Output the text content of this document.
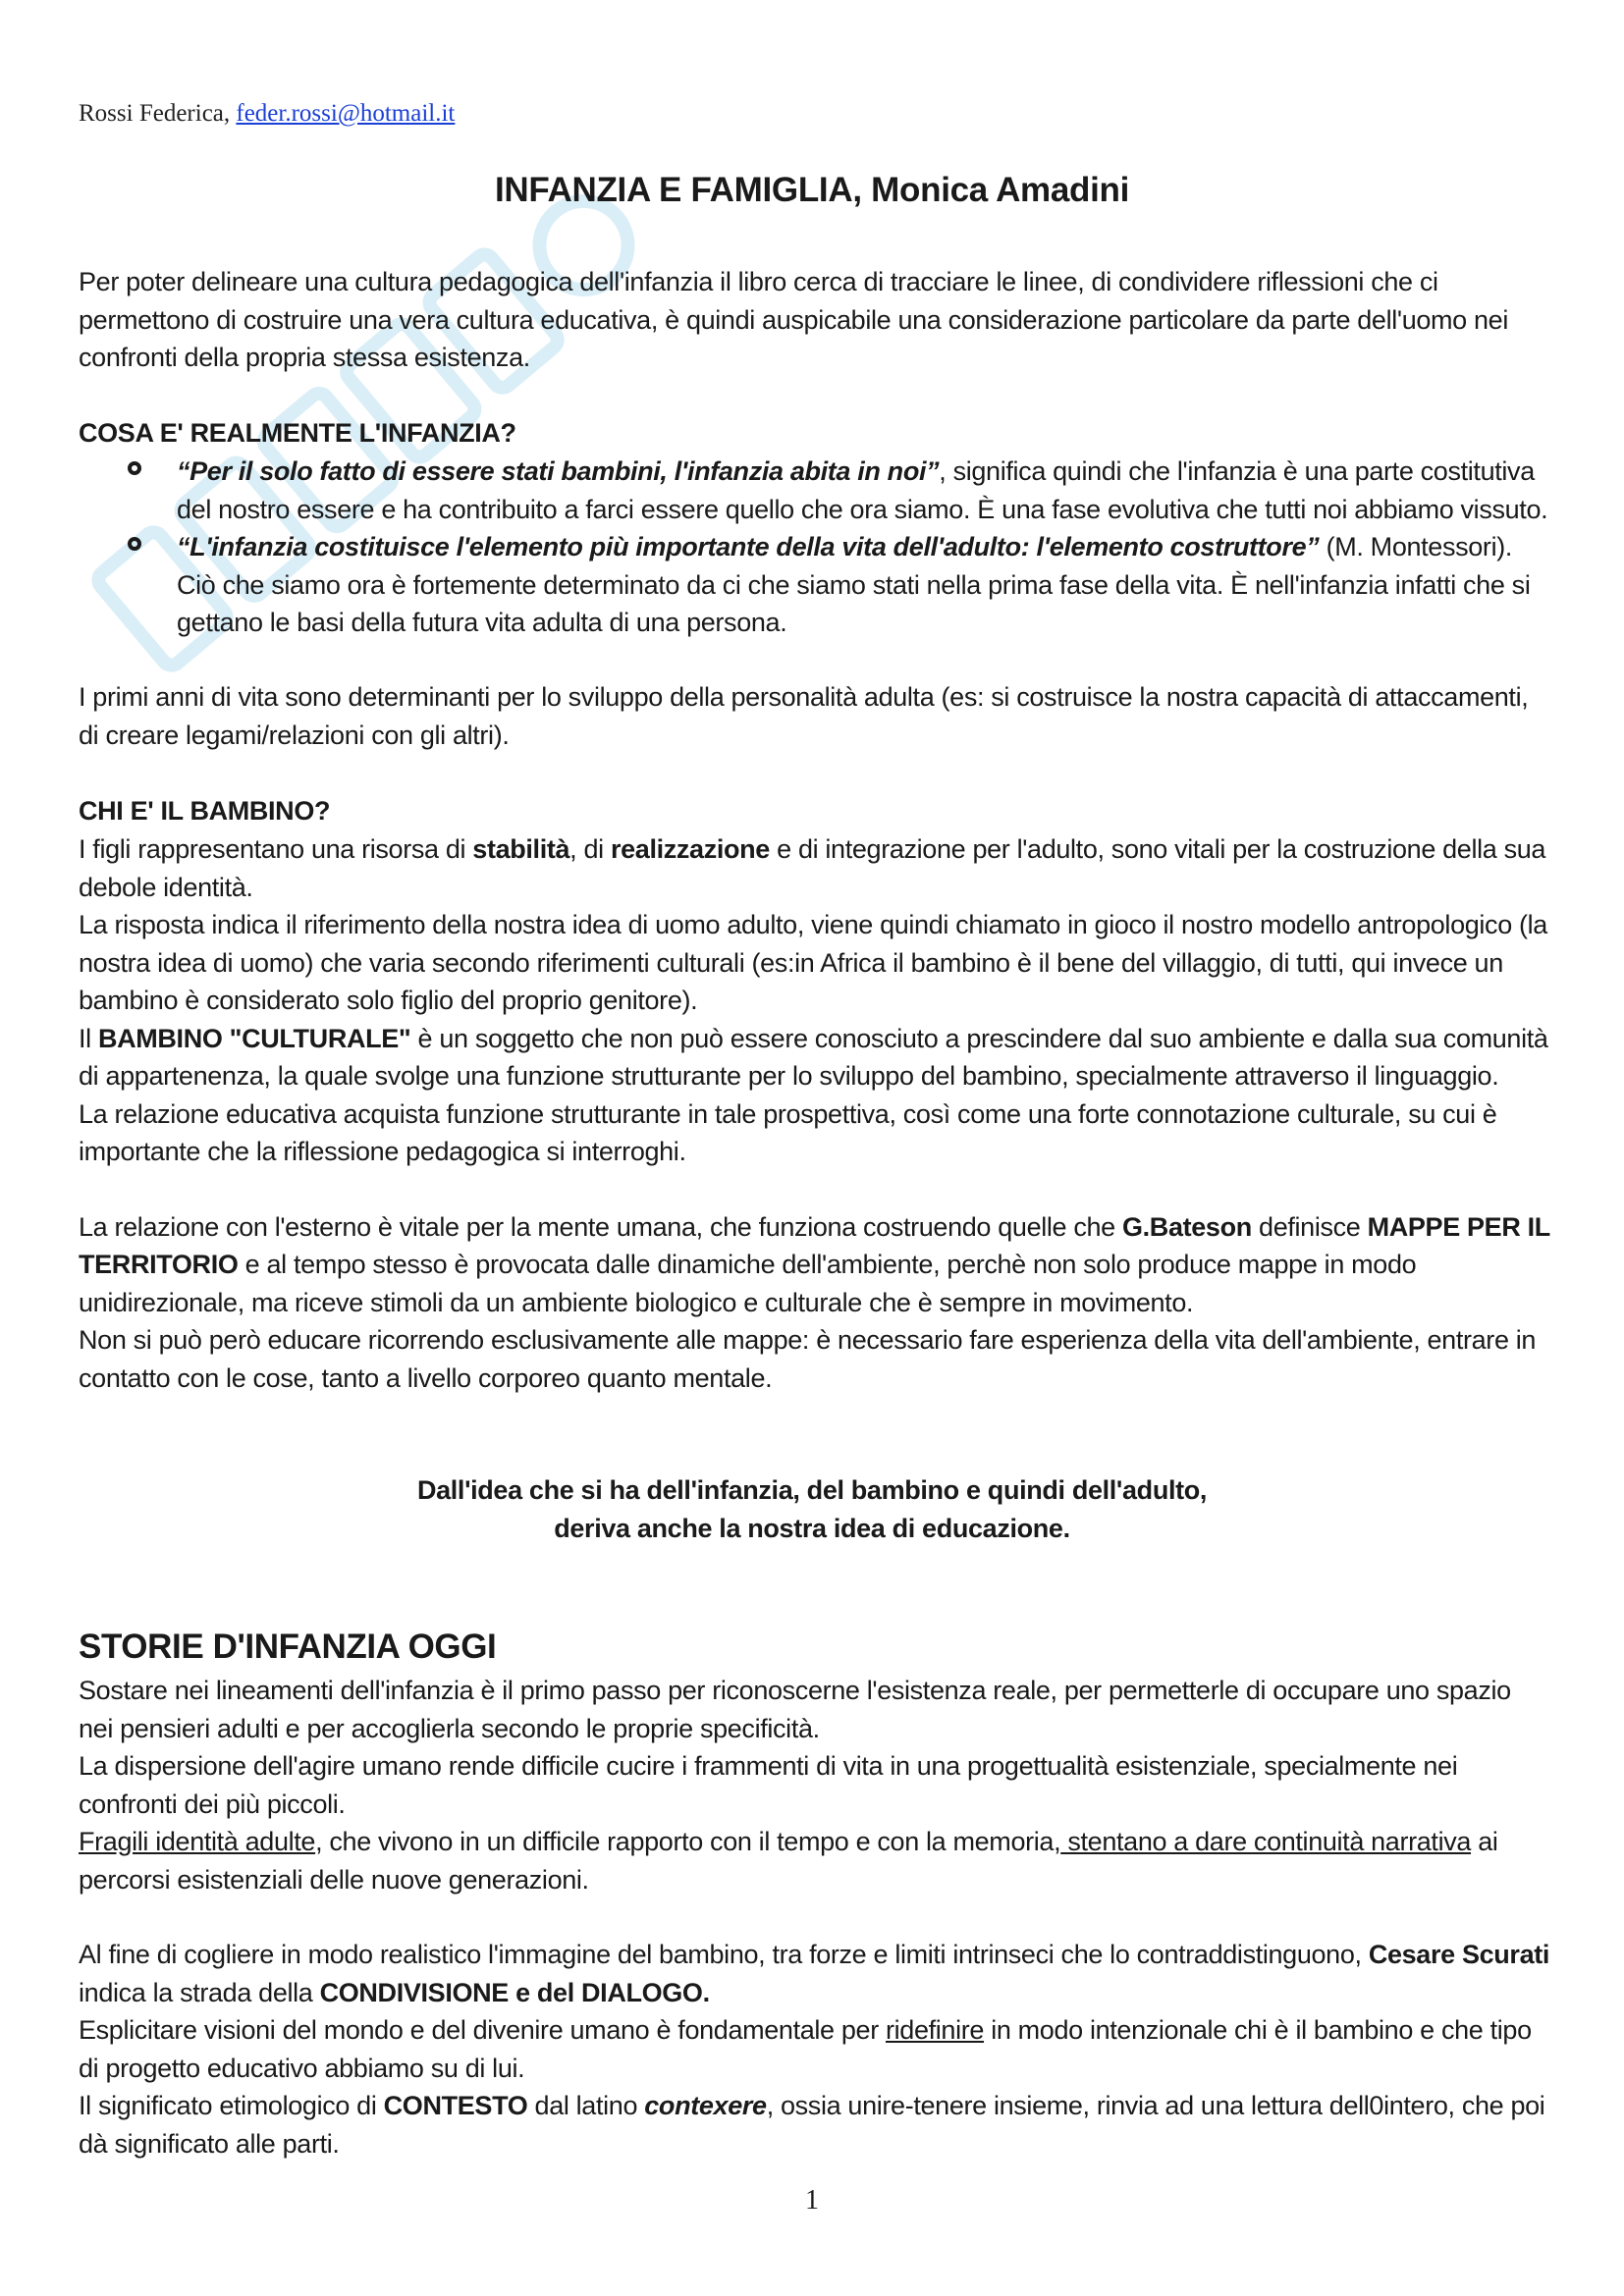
Rossi Federica, feder.rossi@hotmail.it
INFANZIA E FAMIGLIA, Monica Amadini
Per poter delineare una cultura pedagogica dell'infanzia il libro cerca di tracciare le linee, di condividere riflessioni che ci permettono di costruire una vera cultura educativa, è quindi auspicabile una considerazione particolare da parte dell'uomo nei confronti della propria stessa esistenza.
COSA E' REALMENTE L'INFANZIA?
“Per il solo fatto di essere stati bambini, l'infanzia abita in noi”, significa quindi che l'infanzia è una parte costitutiva del nostro essere e ha contribuito a farci essere quello che ora siamo. È una fase evolutiva che tutti noi abbiamo vissuto.
“L'infanzia costituisce l'elemento più importante della vita dell'adulto: l'elemento costruttore” (M. Montessori). Ciò che siamo ora è fortemente determinato da ci che siamo stati nella prima fase della vita. È nell'infanzia infatti che si gettano le basi della futura vita adulta di una persona.
I primi anni di vita sono determinanti per lo sviluppo della personalità adulta (es: si costruisce la nostra capacità di attaccamenti, di creare legami/relazioni con gli altri).
CHI E' IL BAMBINO?
I figli rappresentano una risorsa di stabilità, di realizzazione e di integrazione per l'adulto, sono vitali per la costruzione della sua debole identità.
La risposta indica il riferimento della nostra idea di uomo adulto, viene quindi chiamato in gioco il nostro modello antropologico (la nostra idea di uomo) che varia secondo riferimenti culturali (es:in Africa il bambino è il bene del villaggio, di tutti, qui invece un bambino è considerato solo figlio del proprio genitore).
Il BAMBINO "CULTURALE" è un soggetto che non può essere conosciuto a prescindere dal suo ambiente e dalla sua comunità di appartenenza, la quale svolge una funzione strutturante per lo sviluppo del bambino, specialmente attraverso il linguaggio.
La relazione educativa acquista funzione strutturante in tale prospettiva, così come una forte connotazione culturale, su cui è importante che la riflessione pedagogica si interroghi.
La relazione con l'esterno è vitale per la mente umana, che funziona costruendo quelle che G.Bateson definisce MAPPE PER IL TERRITORIO e al tempo stesso è provocata dalle dinamiche dell'ambiente, perchè non solo produce mappe in modo unidirezionale, ma riceve stimoli da un ambiente biologico e culturale che è sempre in movimento.
Non si può però educare ricorrendo esclusivamente alle mappe: è necessario fare esperienza della vita dell'ambiente, entrare in contatto con le cose, tanto a livello corporeo quanto mentale.
Dall'idea che si ha dell'infanzia, del bambino e quindi dell'adulto,
deriva anche la nostra idea di educazione.
STORIE D'INFANZIA OGGI
Sostare nei lineamenti dell'infanzia è il primo passo per riconoscerne l'esistenza reale, per permetterle di occupare uno spazio nei pensieri adulti e per accoglierla secondo le proprie specificità.
La dispersione dell'agire umano rende difficile cucire i frammenti di vita in una progettualità esistenziale, specialmente nei confronti dei più piccoli.
Fragili identità adulte, che vivono in un difficile rapporto con il tempo e con la memoria, stentano a dare continuità narrativa ai percorsi esistenziali delle nuove generazioni.
Al fine di cogliere in modo realistico l'immagine del bambino, tra forze e limiti intrinseci che lo contraddistinguono, Cesare Scurati indica la strada della CONDIVISIONE e del DIALOGO.
Esplicitare visioni del mondo e del divenire umano è fondamentale per ridefinire in modo intenzionale chi è il bambino e che tipo di progetto educativo abbiamo su di lui.
Il significato etimologico di CONTESTO dal latino contexere, ossia unire-tenere insieme, rinvia ad una lettura dell0intero, che poi dà significato alle parti.
1
